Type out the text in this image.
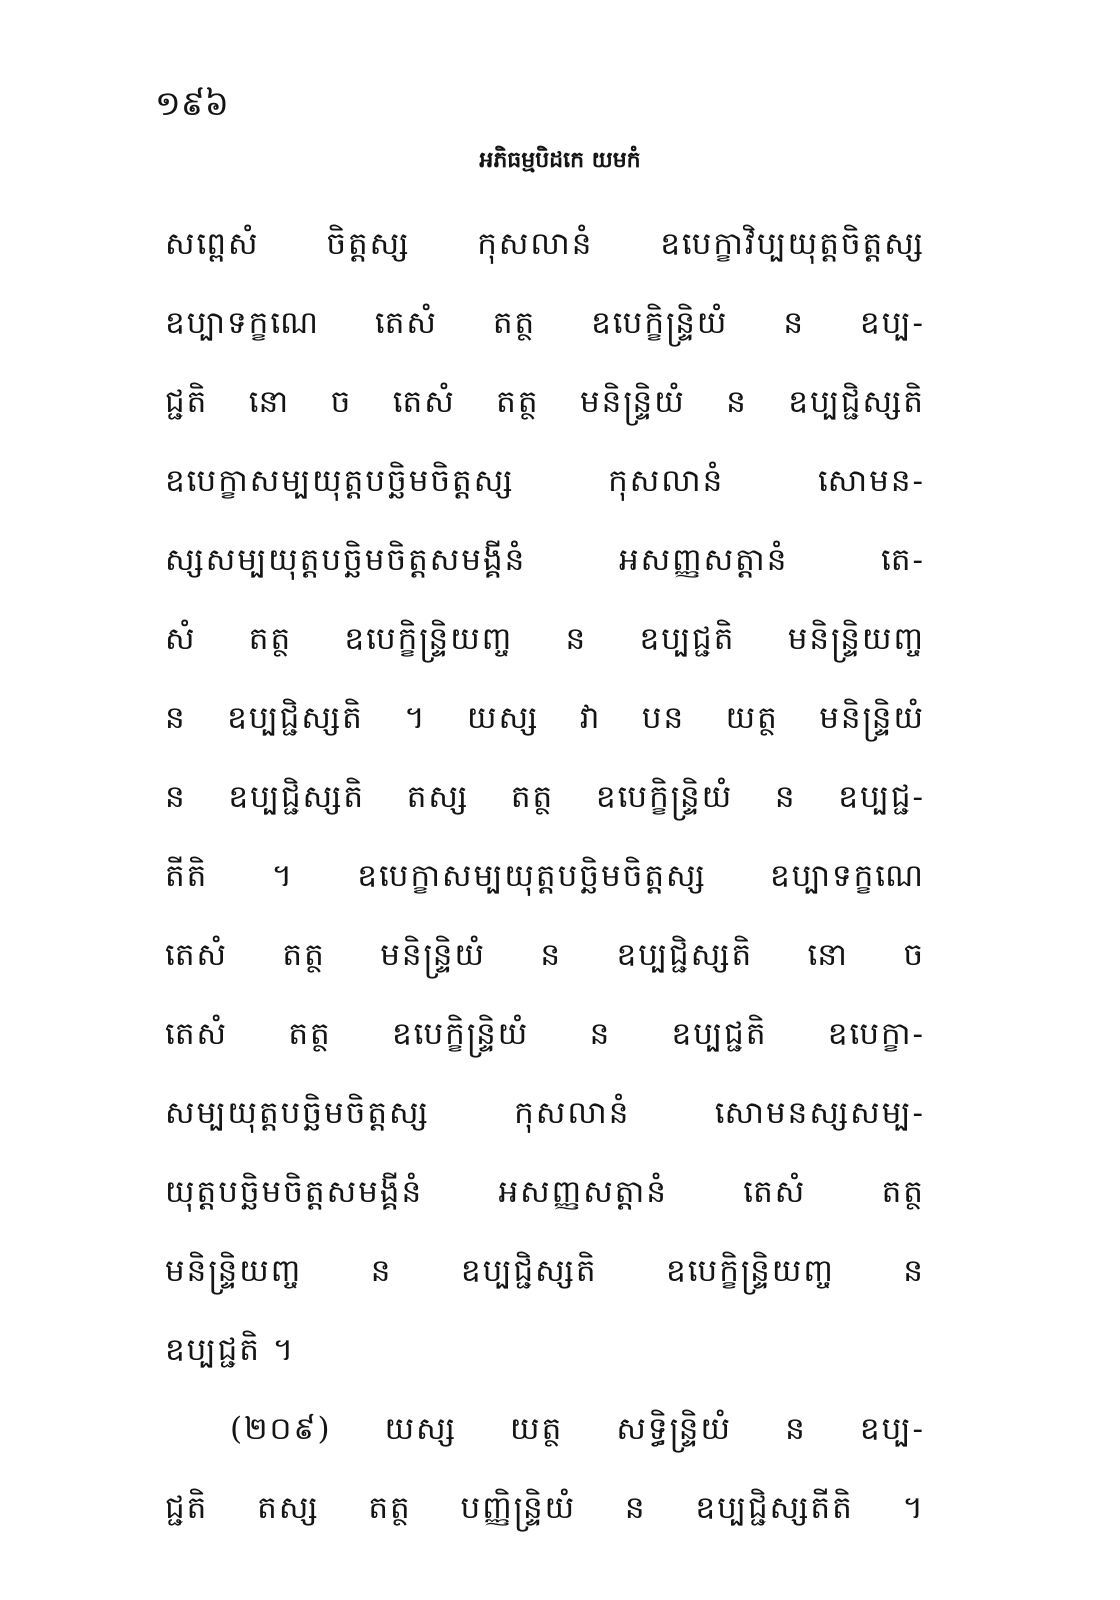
១៩៦
អភិធម្មបិដកេ យមកំ
សព្ពេសំ ចិត្តស្ស កុសលានំ ឧបេក្ខាវិប្បយុត្តចិត្តស្ស
ឧប្បាទក្ខណេ តេសំ តត្ថ ឧបេក្ខិន្ទ្រិយំ ន ឧប្ប-
ជ្ជតិ នោ ច តេសំ តត្ថ មនិន្ទ្រិយំ ន ឧប្បជ្ជិស្សតិ
ឧបេក្ខាសម្បយុត្តបច្ឆិមចិត្តស្ស កុសលានំ សោមន-
ស្សសម្បយុត្តបច្ឆិមចិត្តសមង្គីនំ អសញ្ញសត្តានំ តេ-
សំ តត្ថ ឧបេក្ខិន្ទ្រិយញ្ច ន ឧប្បជ្ជតិ មនិន្ទ្រិយញ្ច
ន ឧប្បជ្ជិស្សតិ ។ យស្ស វា បន យត្ថ មនិន្ទ្រិយំ
ន ឧប្បជ្ជិស្សតិ តស្ស តត្ថ ឧបេក្ខិន្ទ្រិយំ ន ឧប្បជ្ជ-
តីតិ ។ ឧបេក្ខាសម្បយុត្តបច្ឆិមចិត្តស្ស ឧប្បាទក្ខណេ
តេសំ តត្ថ មនិន្ទ្រិយំ ន ឧប្បជ្ជិស្សតិ នោ ច
តេសំ តត្ថ ឧបេក្ខិន្ទ្រិយំ ន ឧប្បជ្ជតិ ឧបេក្ខា-
សម្បយុត្តបច្ឆិមចិត្តស្ស កុសលានំ សោមនស្សសម្ប-
យុត្តបច្ឆិមចិត្តសមង្គីនំ អសញ្ញសត្តានំ តេសំ តត្ថ
មនិន្ទ្រិយញ្ច ន ឧប្បជ្ជិស្សតិ ឧបេក្ខិន្ទ្រិយញ្ច ន
ឧប្បជ្ជតិ ។
(២០៩) យស្ស យត្ថ សទ្ធិន្ទ្រិយំ ន ឧប្ប-
ជ្ជតិ តស្ស តត្ថ បញ្ញិន្ទ្រិយំ ន ឧប្បជ្ជិស្សតីតិ ។
